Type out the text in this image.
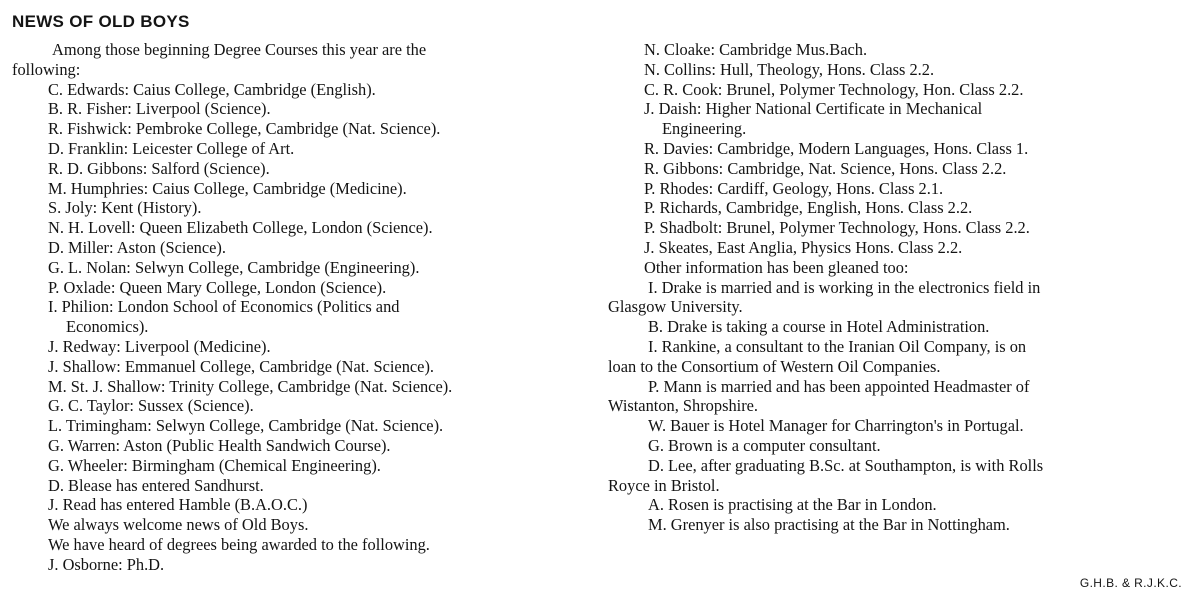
NEWS OF OLD BOYS

Among those beginning Degree Courses this year are the
following:

C. Edwards: Caius College, Cambridge (English).

B. R. Fisher: Liverpool (Science).

R. Fishwick: Pembroke College, Cambridge (Nat. Science).

D. Franklin: Leicester College of Art.

R. D. Gibbons: Salford (Science).

M. Humphries: Caius College, Cambridge (Medicine).

S. Joly: Kent (History).

N. H. Lovell: Queen Elizabeth College, London (Science).

D. Miller: Aston (Science).

G. L. Nolan: Selwyn College, Cambridge (Engineering).

P. Oxlade: Queen Mary College, London (Science).

I. Philion: London School of Economics (Politics and
Economics).

J. Redway: Liverpool (Medicine).

J. Shallow: Emmanuel College, Cambridge (Nat. Science).

M. St. J. Shallow: Trinity College, Cambridge (Nat. Science).

G. C. Taylor: Sussex (Science).

L. Trimingham: Selwyn College, Cambridge (Nat. Science).

G. Warren: Aston (Public Health Sandwich Course).

G. Wheeler: Birmingham (Chemical Engineering).

D. Blease has entered Sandhurst.

J. Read has entered Hamble (B.A.O.C.)

We always welcome news of Old Boys.

We have heard of degrees being awarded to the following.

J. Osborne: Ph.D.

N. Cloake: Cambridge Mus.Bach.

N. Collins: Hull, Theology, Hons. Class 2.2.

C. R. Cook: Brunel, Polymer Technology, Hon. Class 2.2.

J. Daish: Higher National Certificate in Mechanical
Engineering.

R. Davies: Cambridge, Modern Languages, Hons. Class 1.

R. Gibbons: Cambridge, Nat. Science, Hons. Class 2.2.

P. Rhodes: Cardiff, Geology, Hons. Class 2.1.

P. Richards, Cambridge, English, Hons. Class 2.2.

P. Shadbolt: Brunel, Polymer Technology, Hons. Class 2.2.

J. Skeates, East Anglia, Physics Hons. Class 2.2.

Other information has been gleaned too:

I. Drake is married and is working in the electronics field in
Glasgow University.

B. Drake is taking a course in Hotel Administration.

I. Rankine, a consultant to the Iranian Oil Company, is on
loan to the Consortium of Western Oil Companies.

P. Mann is married and has been appointed Headmaster of
Wistanton, Shropshire.

W. Bauer is Hotel Manager for Charrington's in Portugal.

G. Brown is a computer consultant.

D. Lee, after graduating B.Sc. at Southampton, is with Rolls
Royce in Bristol.

A. Rosen is practising at the Bar in London.

M. Grenyer is also practising at the Bar in Nottingham.

G.H.B. & R.J.K.C.
